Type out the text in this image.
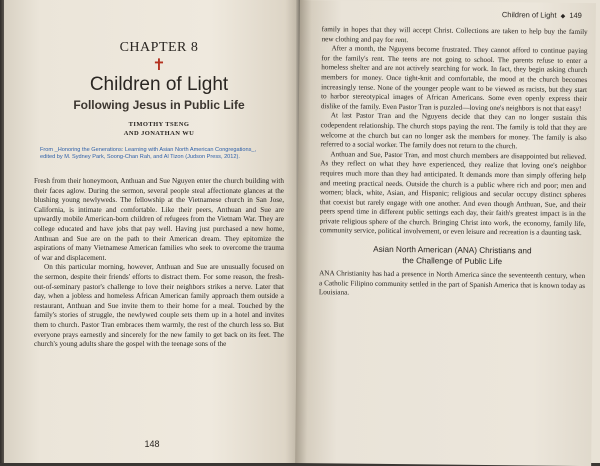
CHAPTER 8

✝
Children of Light
Following Jesus in Public Life

TIMOTHY TSENG

AND JONATHAN WU

From _Honoring the Generations: Learning with Asian North American Congregations_, edited by M. Sydney Park, Soong-Chan Rah, and Al Tizon (Judson Press, 2012).

Fresh from their honeymoon, Anthuan and Sue Nguyen enter the church building with their faces aglow. During the sermon, several people steal affectionate glances at the blushing young newlyweds. The fellowship at the Vietnamese church in San Jose, California, is intimate and comfortable. Like their peers, Anthuan and Sue are upwardly mobile American-born children of refugees from the Vietnam War. They are college educated and have jobs that pay well. Having just purchased a new home, Anthuan and Sue are on the path to their American dream. They epitomize the aspirations of many Vietnamese American families who seek to overcome the trauma of war and displacement.

On this particular morning, however, Anthuan and Sue are unusually focused on the sermon, despite their friends' efforts to distract them. For some reason, the fresh-out-of-seminary pastor's challenge to love their neighbors strikes a nerve. Later that day, when a jobless and homeless African American family approach them outside a restaurant, Anthuan and Sue invite them to their home for a meal. Touched by the family's stories of struggle, the newlywed couple sets them up in a hotel and invites them to church. Pastor Tran embraces them warmly, the rest of the church less so. But everyone prays earnestly and sincerely for the new family to get back on its feet. The church's young adults share the gospel with the teenage sons of the

148
Children of Light ◆ 149

family in hopes that they will accept Christ. Collections are taken to help buy the family new clothing and pay for rent.

After a month, the Nguyens become frustrated. They cannot afford to continue paying for the family's rent. The teens are not going to school. The parents refuse to enter a homeless shelter and are not actively searching for work. In fact, they begin asking church members for money. Once tight-knit and comfortable, the mood at the church becomes increasingly tense. None of the younger people want to be viewed as racists, but they start to harbor stereotypical images of African Americans. Some even openly express their dislike of the family. Even Pastor Tran is puzzled—loving one's neighbors is not that easy!

At last Pastor Tran and the Nguyens decide that they can no longer sustain this codependent relationship. The church stops paying the rent. The family is told that they are welcome at the church but can no longer ask the members for money. The family is also referred to a social worker. The family does not return to the church.

Anthuan and Sue, Pastor Tran, and most church members are disappointed but relieved. As they reflect on what they have experienced, they realize that loving one's neighbor requires much more than they had anticipated. It demands more than simply offering help and meeting practical needs. Outside the church is a public where rich and poor; men and women; black, white, Asian, and Hispanic; religious and secular occupy distinct spheres that coexist but rarely engage with one another. And even though Anthuan, Sue, and their peers spend time in different public settings each day, their faith's greatest impact is in the private religious sphere of the church. Bringing Christ into work, the economy, family life, community service, political involvement, or even leisure and recreation is a daunting task.

Asian North American (ANA) Christians and
the Challenge of Public Life

ANA Christianity has had a presence in North America since the seventeenth century, when a Catholic Filipino community settled in the part of Spanish America that is known today as Louisiana.
